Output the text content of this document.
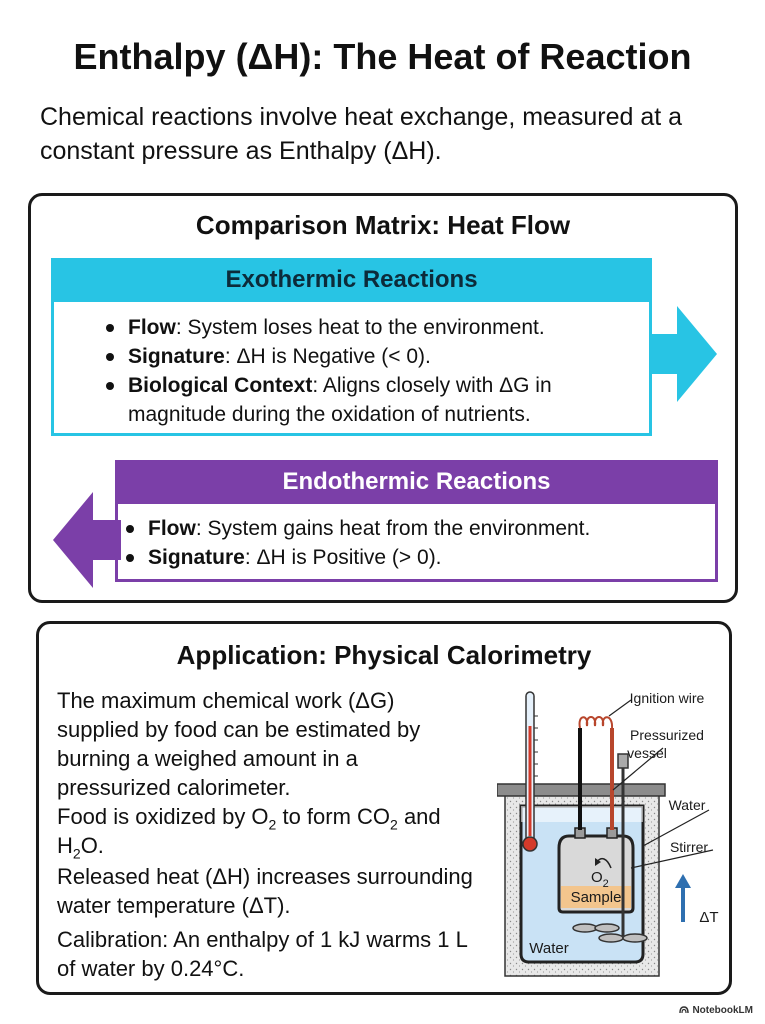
Enthalpy (ΔH): The Heat of Reaction

Chemical reactions involve heat exchange, measured at a constant pressure as Enthalpy (ΔH).

Comparison Matrix: Heat Flow
Exothermic Reactions
Flow: System loses heat to the environment.
Signature: ΔH is Negative (< 0).
Biological Context: Aligns closely with ΔG in magnitude during the oxidation of nutrients.
Endothermic Reactions
Flow: System gains heat from the environment.
Signature: ΔH is Positive (> 0).
Application: Physical Calorimetry

The maximum chemical work (ΔG) supplied by food can be estimated by burning a weighed amount in a pressurized calorimeter.

Food is oxidized by $O_2$ to form $CO_2$ and $H_2O$.

Released heat (ΔH) increases surrounding water temperature (ΔT).

Calibration: An enthalpy of 1 kJ warms 1 L of water by 0.24°C.

Ignition wire
Pressurized
vessel
Water
Stirrer
$O_2$
Sample
Water
ΔT
NotebookLM
